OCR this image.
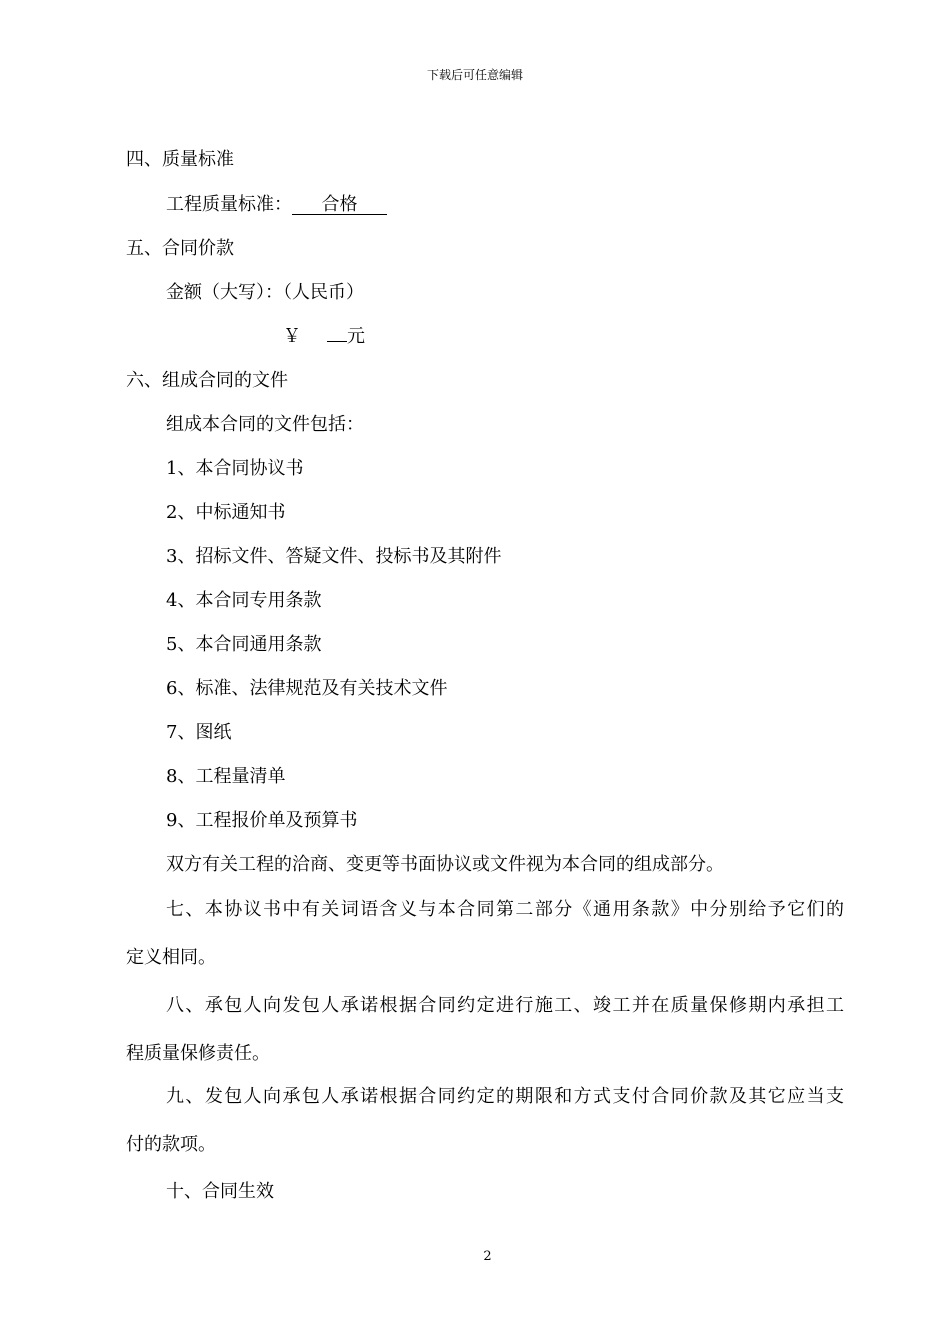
下载后可任意编辑
四、质量标准
工程质量标准： 合格
五、合同价款
金额（大写）：（人民币）
￥	元
六、组成合同的文件
组成本合同的文件包括：
1、本合同协议书
2、中标通知书
3、招标文件、答疑文件、投标书及其附件
4、本合同专用条款
5、本合同通用条款
6、标准、法律规范及有关技术文件
7、图纸
8、工程量清单
9、工程报价单及预算书
双方有关工程的洽商、变更等书面协议或文件视为本合同的组成部分。
七、本协议书中有关词语含义与本合同第二部分《通用条款》中分别给予它们的
定义相同。
八、承包人向发包人承诺根据合同约定进行施工、竣工并在质量保修期内承担工
程质量保修责任。
九、发包人向承包人承诺根据合同约定的期限和方式支付合同价款及其它应当支
付的款项。
十、合同生效
2
